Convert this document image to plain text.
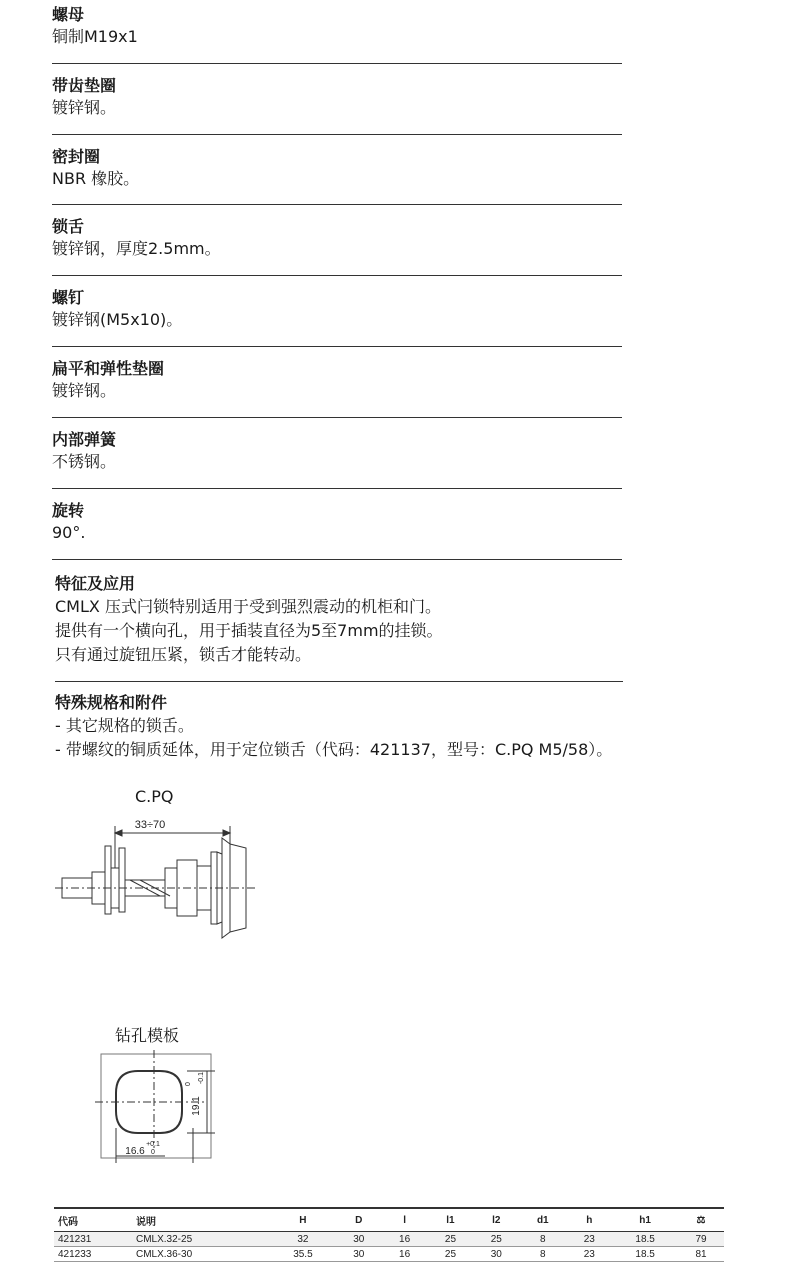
螺母
铜制M19x1
带齿垫圈
镀锌钢。
密封圈
NBR 橡胶。
锁舌
镀锌钢，厚度2.5mm。
螺钉
镀锌钢(M5x10)。
扁平和弹性垫圈
镀锌钢。
内部弹簧
不锈钢。
旋转
90°.
特征及应用
CMLX 压式闩锁特别适用于受到强烈震动的机柜和门。
提供有一个横向孔，用于插装直径为5至7mm的挂锁。
只有通过旋钮压紧，锁舌才能转动。
特殊规格和附件
- 其它规格的锁舌。
- 带螺纹的铜质延体，用于定位锁舌（代码：421137，型号：C.PQ M5/58）。
C.PQ
33÷70
钻孔模板
19.1
0 -0.1
16.6
+0.1
0
代码	说明	H	D	l	l1	l2	d1	h	h1	⚖
421231	CMLX.32-25	32	30	16	25	25	8	23	18.5	79
421233	CMLX.36-30	35.5	30	16	25	30	8	23	18.5	81
